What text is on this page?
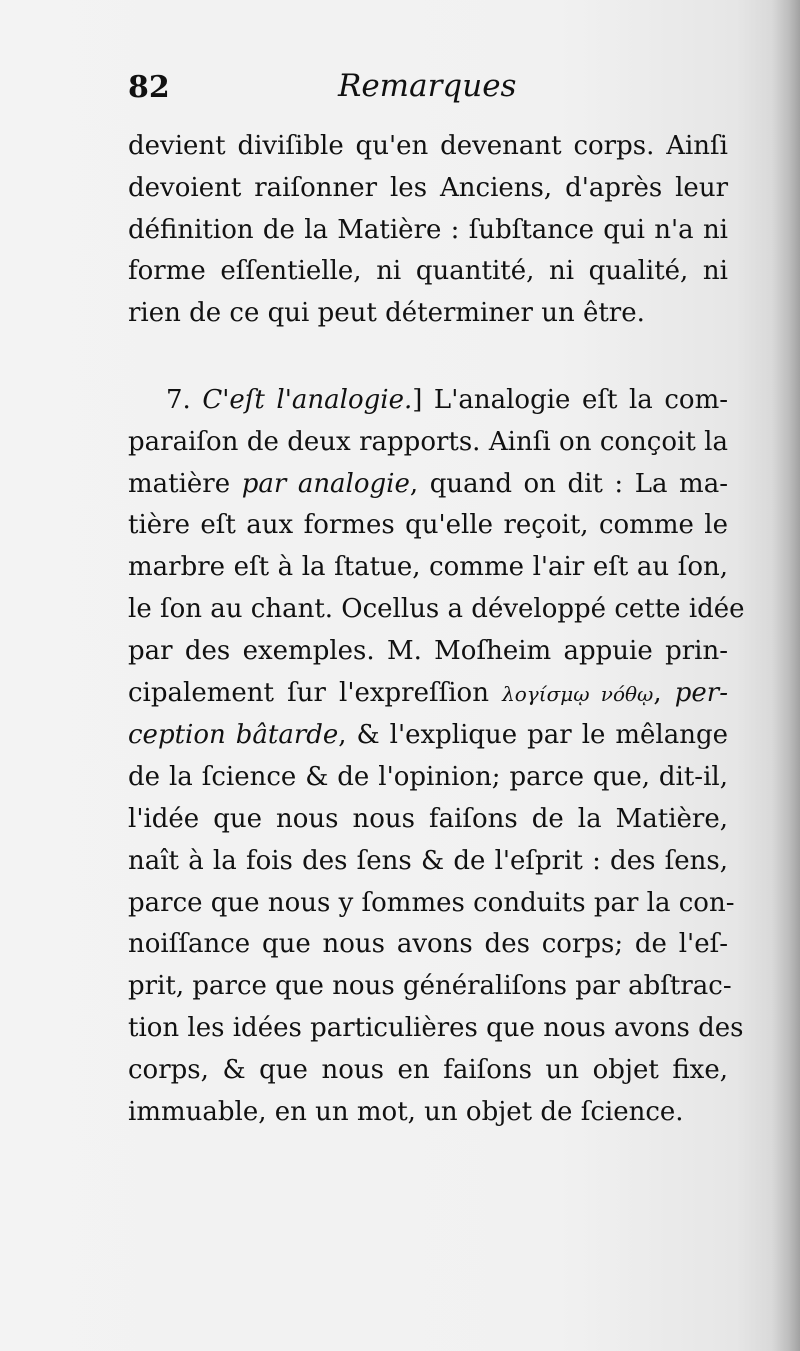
82	Remarques
devient diviſible qu'en devenant corps. Ainſi
devoient raiſonner les Anciens, d'après leur
définition de la Matière : ſubſtance qui n'a ni
forme eſſentielle, ni quantité, ni qualité, ni
rien de ce qui peut déterminer un être.
7. C'eſt l'analogie.] L'analogie eſt la com-
paraiſon de deux rapports. Ainſi on conçoit la
matière par analogie, quand on dit : La ma-
tière eſt aux formes qu'elle reçoit, comme le
marbre eſt à la ſtatue, comme l'air eſt au ſon,
le ſon au chant. Ocellus a développé cette idée
par des exemples. M. Moſheim appuie prin-
cipalement ſur l'expreſſion λογίσμῳ νόθῳ, per-
ception bâtarde, & l'explique par le mêlange
de la ſcience & de l'opinion; parce que, dit-il,
l'idée que nous nous faiſons de la Matière,
naît à la fois des ſens & de l'eſprit : des ſens,
parce que nous y ſommes conduits par la con-
noiſſance que nous avons des corps; de l'eſ-
prit, parce que nous généraliſons par abſtrac-
tion les idées particulières que nous avons des
corps, & que nous en faiſons un objet fixe,
immuable, en un mot, un objet de ſcience.
